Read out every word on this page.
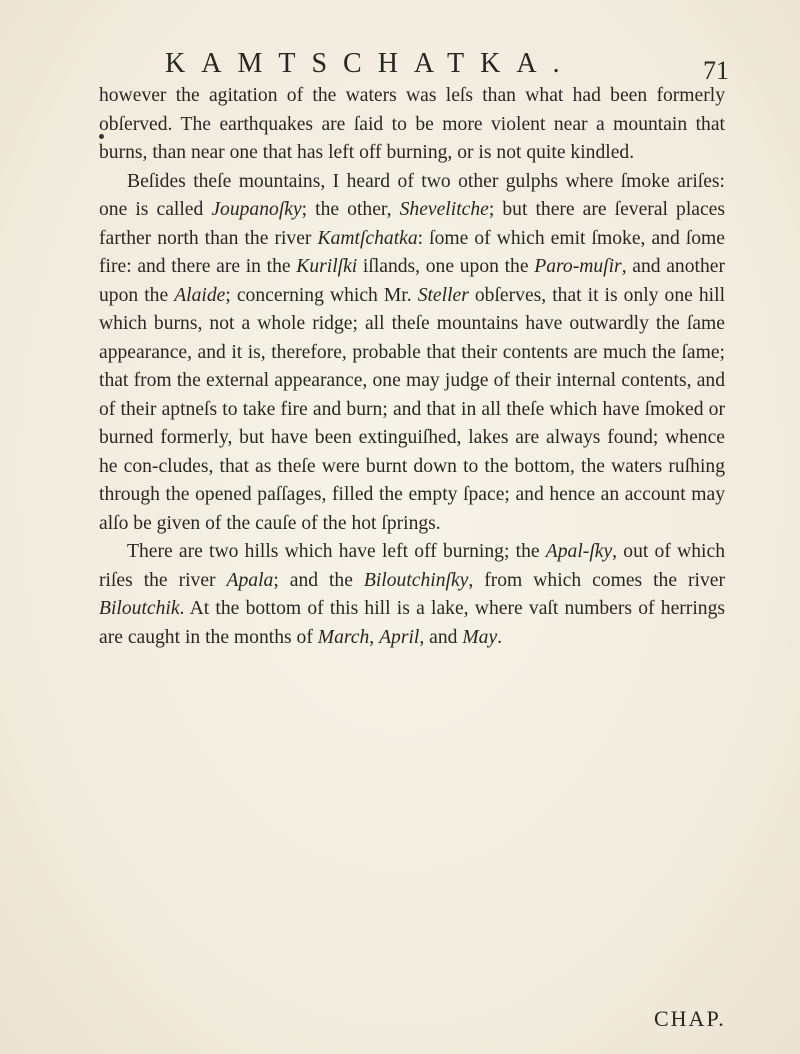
KAMTSCHATKA.	71

however the agitation of the waters was leſs than what had been formerly obſerved. The earthquakes are ſaid to be more violent near a mountain that burns, than near one that has left off burning, or is not quite kindled.

Beſides theſe mountains, I heard of two other gulphs where ſmoke ariſes: one is called Joupanoſky; the other, Shevelitche; but there are ſeveral places farther north than the river Kamtſchatka: ſome of which emit ſmoke, and ſome fire: and there are in the Kurilſki iſlands, one upon the Paro-muſir, and another upon the Alaide; concerning which Mr. Steller obſerves, that it is only one hill which burns, not a whole ridge; all theſe mountains have outwardly the ſame appearance, and it is, therefore, probable that their contents are much the ſame; that from the external appearance, one may judge of their internal contents, and of their aptneſs to take fire and burn; and that in all theſe which have ſmoked or burned formerly, but have been extinguiſhed, lakes are always found; whence he con-cludes, that as theſe were burnt down to the bottom, the waters ruſhing through the opened paſſages, filled the empty ſpace; and hence an account may alſo be given of the cauſe of the hot ſprings.

There are two hills which have left off burning; the Apal-ſky, out of which riſes the river Apala; and the Biloutchinſky, from which comes the river Biloutchik. At the bottom of this hill is a lake, where vaſt numbers of herrings are caught in the months of March, April, and May.

CHAP.
